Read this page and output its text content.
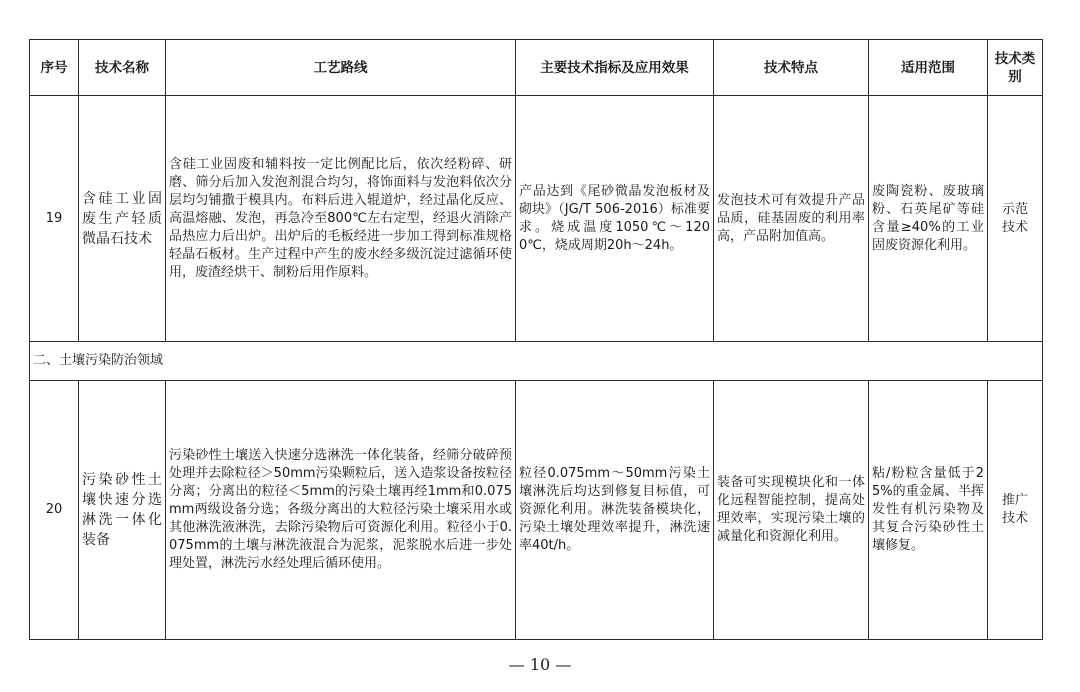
序号	技术名称	工艺路线	主要技术指标及应用效果	技术特点	适用范围	技术类别
19	含硅工业固废生产轻质微晶石技术	含硅工业固废和辅料按一定比例配比后，依次经粉碎、研磨、筛分后加入发泡剂混合均匀，将饰面料与发泡料依次分层均匀铺撒于模具内。布料后进入辊道炉，经过晶化反应、高温熔融、发泡，再急冷至800℃左右定型，经退火消除产品热应力后出炉。出炉后的毛板经进一步加工得到标准规格轻晶石板材。生产过程中产生的废水经多级沉淀过滤循环使用，废渣经烘干、制粉后用作原料。	产品达到《尾砂微晶发泡板材及砌块》（JG/T 506-2016）标准要求。烧成温度1050℃～1200℃，烧成周期20h～24h。	发泡技术可有效提升产品品质，硅基固废的利用率高，产品附加值高。	废陶瓷粉、废玻璃粉、石英尾矿等硅含量≥40%的工业固废资源化利用。	示范技术
二、土壤污染防治领域						
20	污染砂性土壤快速分选淋洗一体化装备	污染砂性土壤送入快速分选淋洗一体化装备，经筛分破碎预处理并去除粒径＞50mm污染颗粒后，送入造浆设备按粒径分离；分离出的粒径＜5mm的污染土壤再经1mm和0.075mm两级设备分选；各级分离出的大粒径污染土壤采用水或其他淋洗液淋洗，去除污染物后可资源化利用。粒径小于0.075mm的土壤与淋洗液混合为泥浆，泥浆脱水后进一步处理处置，淋洗污水经处理后循环使用。	粒径0.075mm～50mm污染土壤淋洗后均达到修复目标值，可资源化利用。淋洗装备模块化，污染土壤处理效率提升，淋洗速率40t/h。	装备可实现模块化和一体化远程智能控制，提高处理效率，实现污染土壤的减量化和资源化利用。	粘/粉粒含量低于25%的重金属、半挥发性有机污染物及其复合污染砂性土壤修复。	推广技术
— 10 —
